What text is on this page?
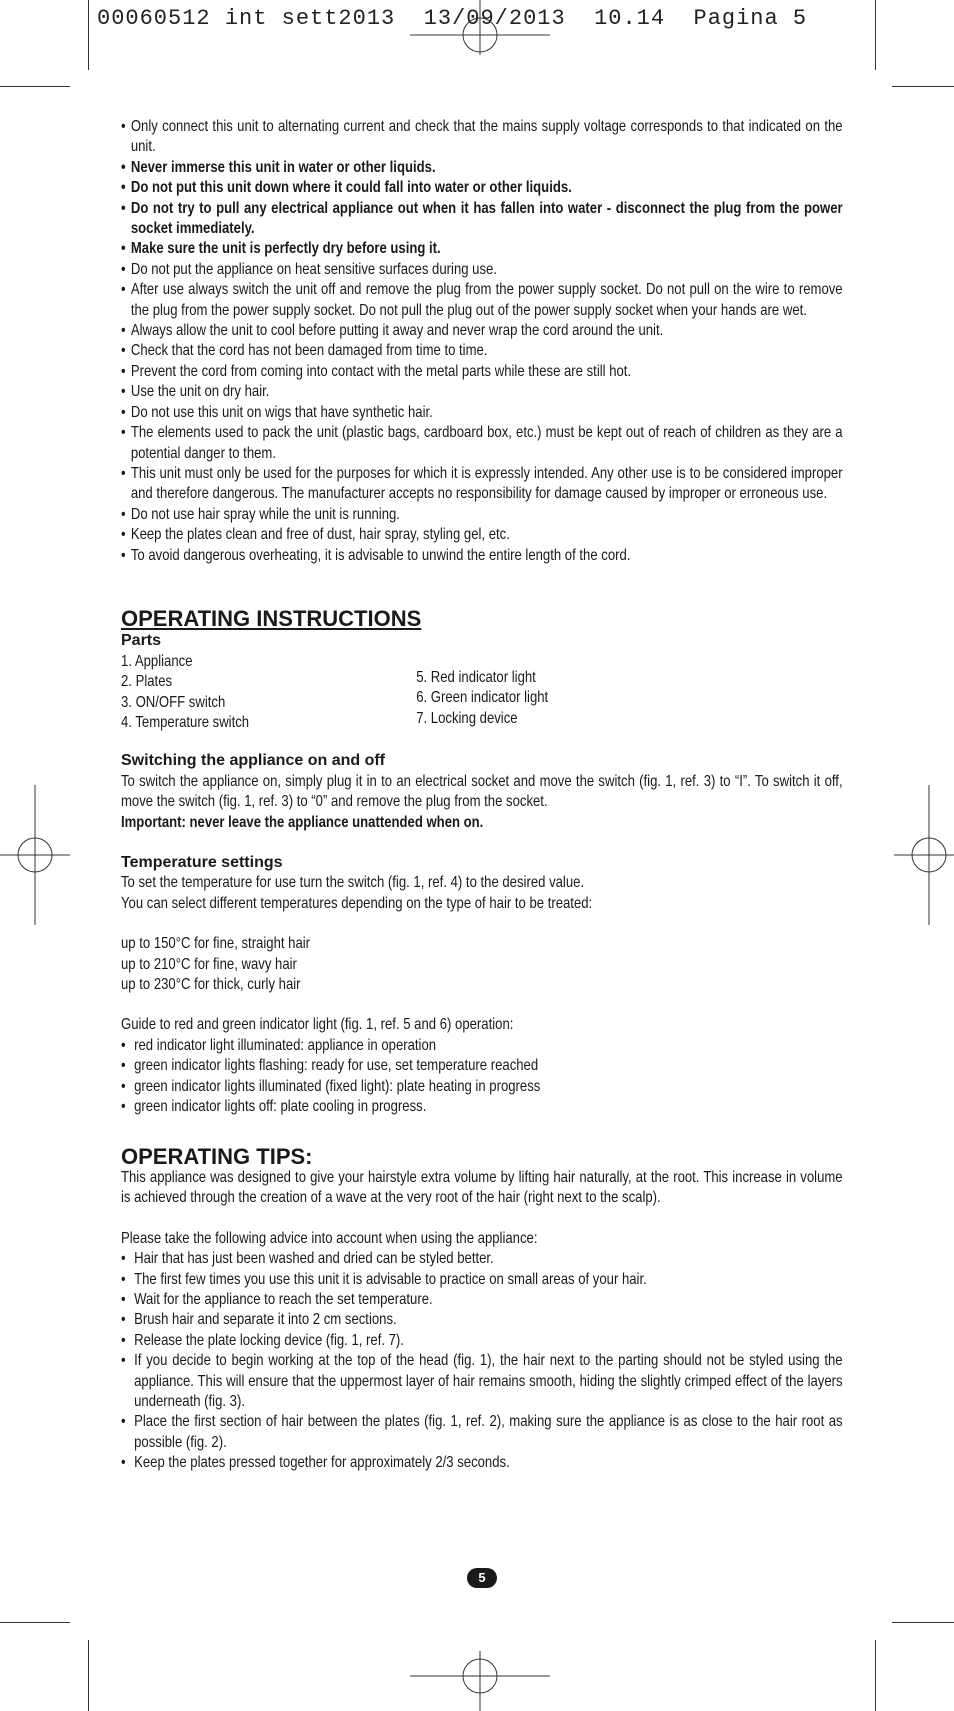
00060512 int sett2013  13/09/2013  10.14  Pagina 5
• Only connect this unit to alternating current and check that the mains supply voltage corresponds to that indicated on the unit.
• Never immerse this unit in water or other liquids.
• Do not put this unit down where it could fall into water or other liquids.
• Do not try to pull any electrical appliance out when it has fallen into water - disconnect the plug from the power socket immediately.
• Make sure the unit is perfectly dry before using it.
• Do not put the appliance on heat sensitive surfaces during use.
• After use always switch the unit off and remove the plug from the power supply socket. Do not pull on the wire to remove the plug from the power supply socket. Do not pull the plug out of the power supply socket when your hands are wet.
• Always allow the unit to cool before putting it away and never wrap the cord around the unit.
• Check that the cord has not been damaged from time to time.
• Prevent the cord from coming into contact with the metal parts while these are still hot.
• Use the unit on dry hair.
• Do not use this unit on wigs that have synthetic hair.
• The elements used to pack the unit (plastic bags, cardboard box, etc.) must be kept out of reach of children as they are a potential danger to them.
• This unit must only be used for the purposes for which it is expressly intended. Any other use is to be considered improper and therefore dangerous. The manufacturer accepts no responsibility for damage caused by improper or erroneous use.
• Do not use hair spray while the unit is running.
• Keep the plates clean and free of dust, hair spray, styling gel, etc.
• To avoid dangerous overheating, it is advisable to unwind the entire length of the cord.
OPERATING INSTRUCTIONS
Parts
1. Appliance
2. Plates
3. ON/OFF switch
4. Temperature switch
5. Red indicator light
6. Green indicator light
7. Locking device
Switching the appliance on and off

To switch the appliance on, simply plug it in to an electrical socket and move the switch (fig. 1, ref. 3) to “I”. To switch it off, move the switch (fig. 1, ref. 3) to “0” and remove the plug from the socket.

Important: never leave the appliance unattended when on.

Temperature settings

To set the temperature for use turn the switch (fig. 1, ref. 4) to the desired value.

You can select different temperatures depending on the type of hair to be treated:

up to 150°C for fine, straight hair

up to 210°C for fine, wavy hair

up to 230°C for thick, curly hair

Guide to red and green indicator light (fig. 1, ref. 5 and 6) operation:

• red indicator light illuminated: appliance in operation
• green indicator lights flashing: ready for use, set temperature reached
• green indicator lights illuminated (fixed light): plate heating in progress
• green indicator lights off: plate cooling in progress.
OPERATING TIPS:

This appliance was designed to give your hairstyle extra volume by lifting hair naturally, at the root. This increase in volume is achieved through the creation of a wave at the very root of the hair (right next to the scalp).

Please take the following advice into account when using the appliance:

• Hair that has just been washed and dried can be styled better.
• The first few times you use this unit it is advisable to practice on small areas of your hair.
• Wait for the appliance to reach the set temperature.
• Brush hair and separate it into 2 cm sections.
• Release the plate locking device (fig. 1, ref. 7).
• If you decide to begin working at the top of the head (fig. 1), the hair next to the parting should not be styled using the appliance. This will ensure that the uppermost layer of hair remains smooth, hiding the slightly crimped effect of the layers underneath (fig. 3).
• Place the first section of hair between the plates (fig. 1, ref. 2), making sure the appliance is as close to the hair root as possible (fig. 2).
• Keep the plates pressed together for approximately 2/3 seconds.
5
